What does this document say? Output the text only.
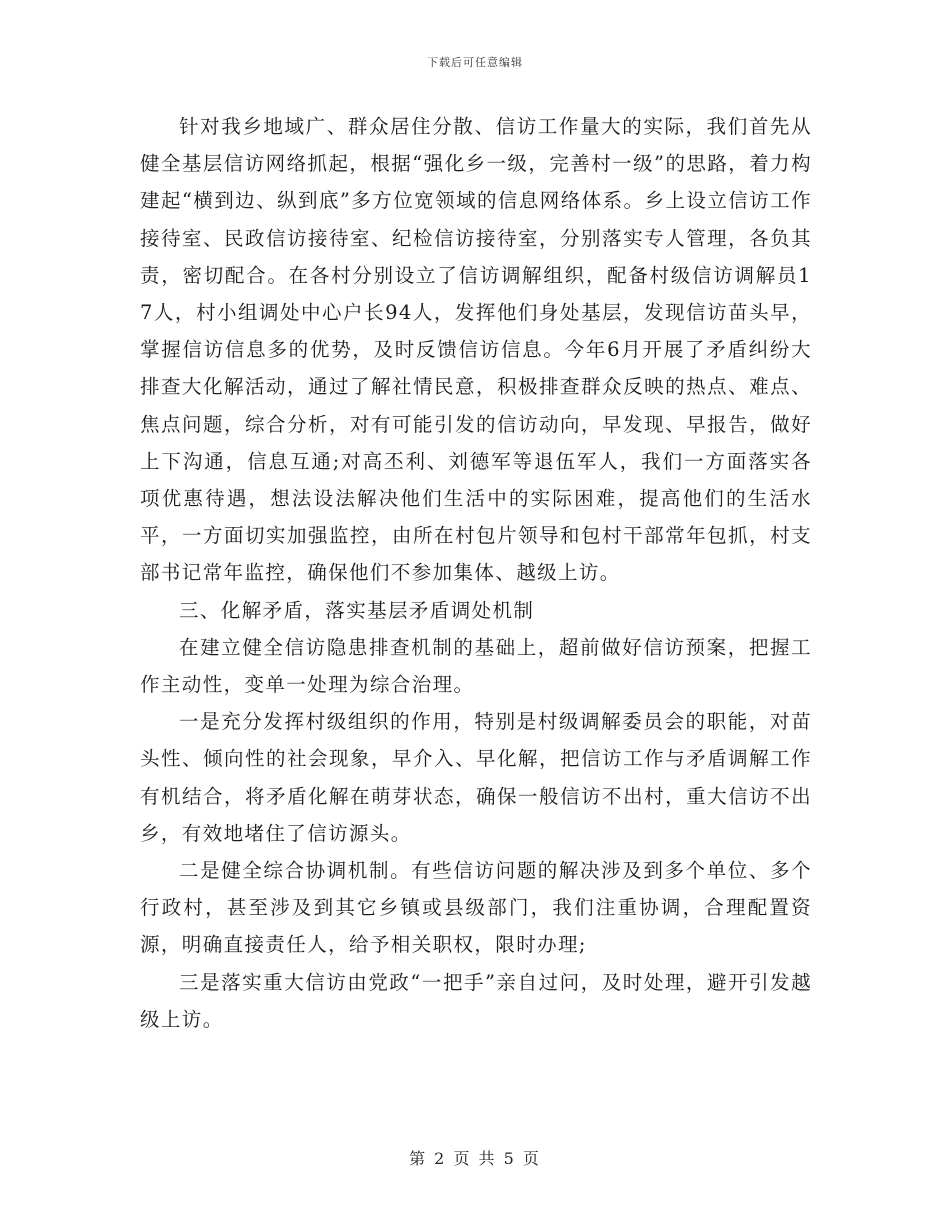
下载后可任意编辑

针对我乡地域广、群众居住分散、信访工作量大的实际，我们首先从健全基层信访网络抓起，根据“强化乡一级，完善村一级”的思路，着力构建起“横到边、纵到底”多方位宽领域的信息网络体系。乡上设立信访工作接待室、民政信访接待室、纪检信访接待室，分别落实专人管理，各负其责，密切配合。在各村分别设立了信访调解组织，配备村级信访调解员17人，村小组调处中心户长94人，发挥他们身处基层，发现信访苗头早，掌握信访信息多的优势，及时反馈信访信息。今年6月开展了矛盾纠纷大排查大化解活动，通过了解社情民意，积极排查群众反映的热点、难点、焦点问题，综合分析，对有可能引发的信访动向，早发现、早报告，做好上下沟通，信息互通;对高丕利、刘德军等退伍军人，我们一方面落实各项优惠待遇，想法设法解决他们生活中的实际困难，提高他们的生活水平，一方面切实加强监控，由所在村包片领导和包村干部常年包抓，村支部书记常年监控，确保他们不参加集体、越级上访。

三、化解矛盾，落实基层矛盾调处机制

在建立健全信访隐患排查机制的基础上，超前做好信访预案，把握工作主动性，变单一处理为综合治理。

一是充分发挥村级组织的作用，特别是村级调解委员会的职能，对苗头性、倾向性的社会现象，早介入、早化解，把信访工作与矛盾调解工作有机结合，将矛盾化解在萌芽状态，确保一般信访不出村，重大信访不出乡，有效地堵住了信访源头。

二是健全综合协调机制。有些信访问题的解决涉及到多个单位、多个行政村，甚至涉及到其它乡镇或县级部门，我们注重协调，合理配置资源，明确直接责任人，给予相关职权，限时办理;

三是落实重大信访由党政“一把手”亲自过问，及时处理，避开引发越级上访。

第 2 页 共 5 页
